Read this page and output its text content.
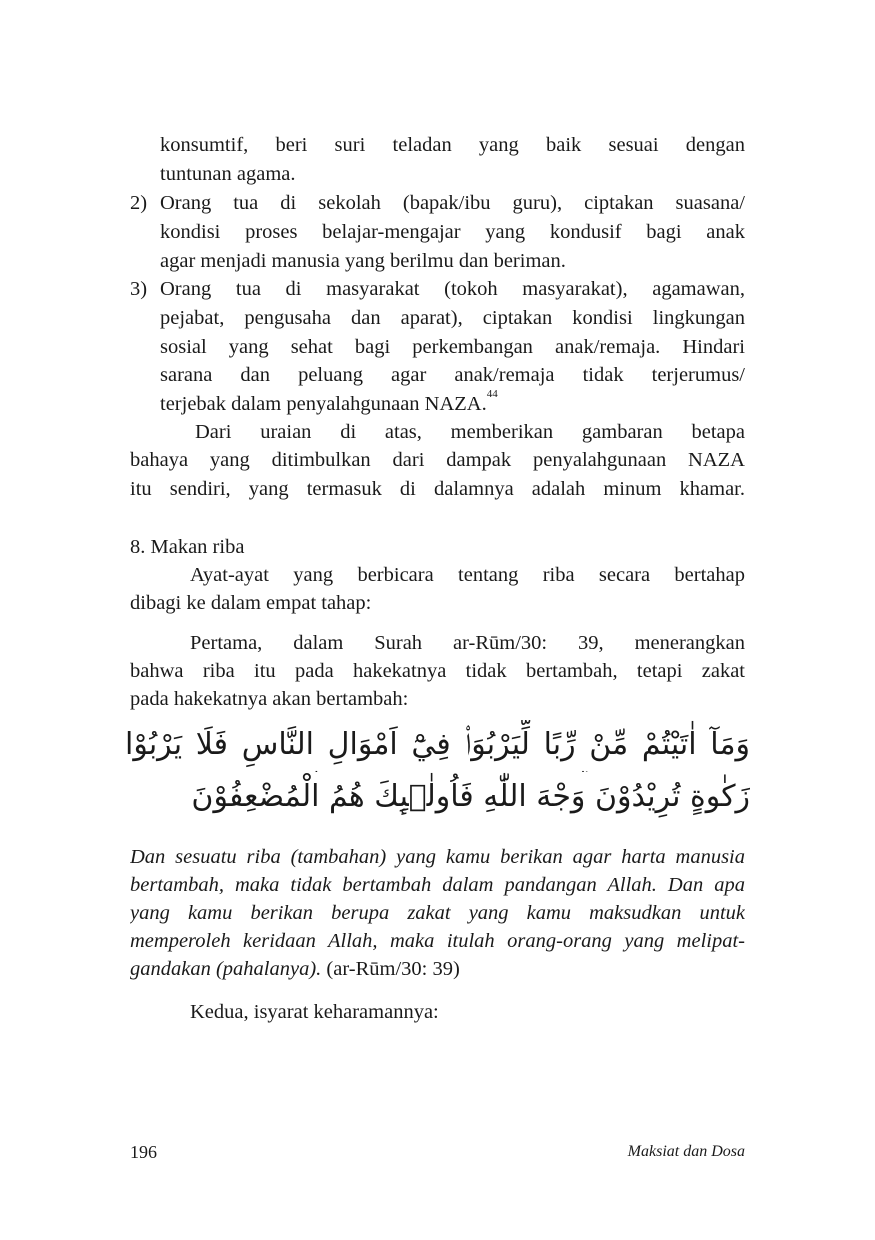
konsumtif, beri suri teladan yang baik sesuai dengan
tuntunan agama.
2) Orang tua di sekolah (bapak/ibu guru), ciptakan suasana/
kondisi proses belajar-mengajar yang kondusif bagi anak
agar menjadi manusia yang berilmu dan beriman.
3) Orang tua di masyarakat (tokoh masyarakat), agamawan,
pejabat, pengusaha dan aparat), ciptakan kondisi lingkungan
sosial yang sehat bagi perkembangan anak/remaja. Hindari
sarana dan peluang agar anak/remaja tidak terjerumus/
terjebak dalam penyalahgunaan NAZA.$^{44}$
Dari uraian di atas, memberikan gambaran betapa
bahaya yang ditimbulkan dari dampak penyalahgunaan NAZA
itu sendiri, yang termasuk di dalamnya adalah minum khamar.
8. Makan riba
Ayat-ayat yang berbicara tentang riba secara bertahap
dibagi ke dalam empat tahap:
Pertama, dalam Surah ar-Rūm/30: 39, menerangkan
bahwa riba itu pada hakekatnya tidak bertambah, tetapi zakat
pada hakekatnya akan bertambah:
وَمَآ اٰتَيْتُمْ مِّنْ رِّبًا لِّيَرْبُوَا۟ فِيْٓ اَمْوَالِ النَّاسِ فَلَا يَرْبُوْا
زَكٰوةٍ تُرِيْدُوْنَ وَجْهَ اللّٰهِ فَاُولٰۤىِٕكَ هُمُ الْمُضْعِفُوْنَ
Dan sesuatu riba (tambahan) yang kamu berikan agar harta manusia
bertambah, maka tidak bertambah dalam pandangan Allah. Dan apa
yang kamu berikan berupa zakat yang kamu maksudkan untuk
memperoleh keridaan Allah, maka itulah orang-orang yang melipat-
gandakan (pahalanya). (ar-Rūm/30: 39)
Kedua, isyarat keharamannya:
196	Maksiat dan Dosa
